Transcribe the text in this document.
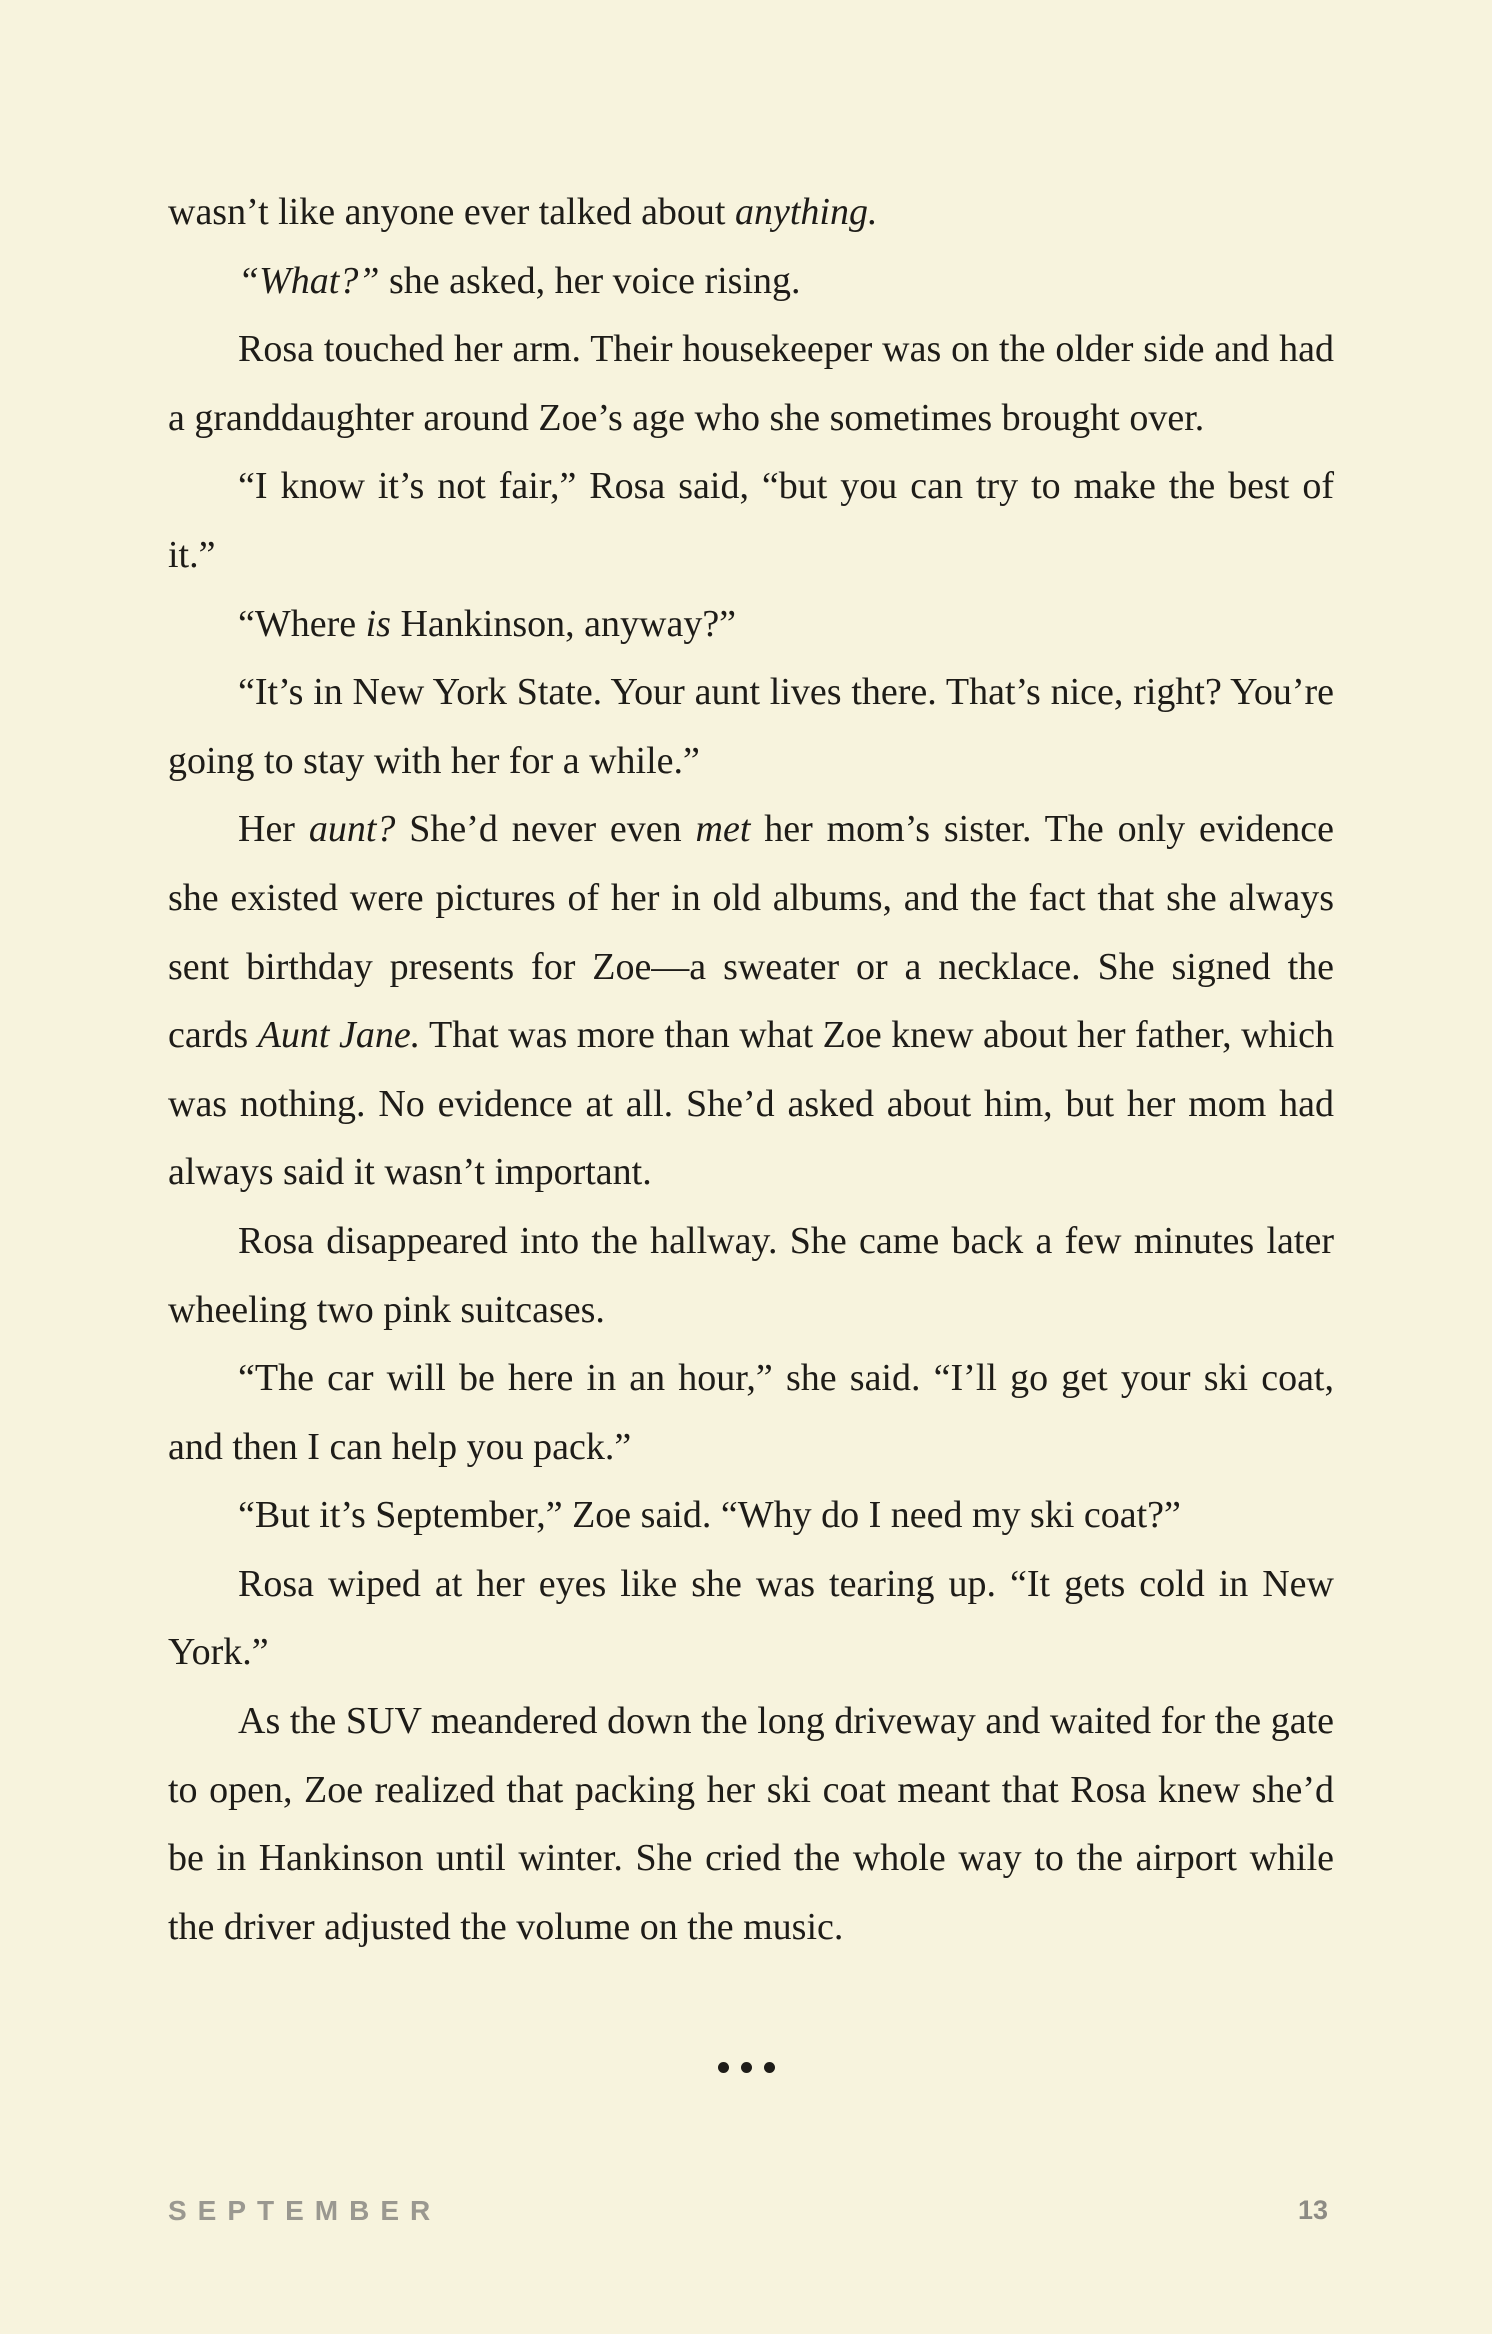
wasn’t like anyone ever talked about anything.

“What?” she asked, her voice rising.

Rosa touched her arm. Their housekeeper was on the older side and had a granddaughter around Zoe’s age who she sometimes brought over.

“I know it’s not fair,” Rosa said, “but you can try to make the best of it.”

“Where is Hankinson, anyway?”

“It’s in New York State. Your aunt lives there. That’s nice, right? You’re going to stay with her for a while.”

Her aunt? She’d never even met her mom’s sister. The only evidence she existed were pictures of her in old albums, and the fact that she always sent birthday presents for Zoe—a sweater or a necklace. She signed the cards Aunt Jane. That was more than what Zoe knew about her father, which was nothing. No evidence at all. She’d asked about him, but her mom had always said it wasn’t important.

Rosa disappeared into the hallway. She came back a few minutes later wheeling two pink suitcases.

“The car will be here in an hour,” she said. “I’ll go get your ski coat, and then I can help you pack.”

“But it’s September,” Zoe said. “Why do I need my ski coat?”

Rosa wiped at her eyes like she was tearing up. “It gets cold in New York.”

As the SUV meandered down the long driveway and waited for the gate to open, Zoe realized that packing her ski coat meant that Rosa knew she’d be in Hankinson until winter. She cried the whole way to the airport while the driver adjusted the volume on the music.

SEPTEMBER	13
